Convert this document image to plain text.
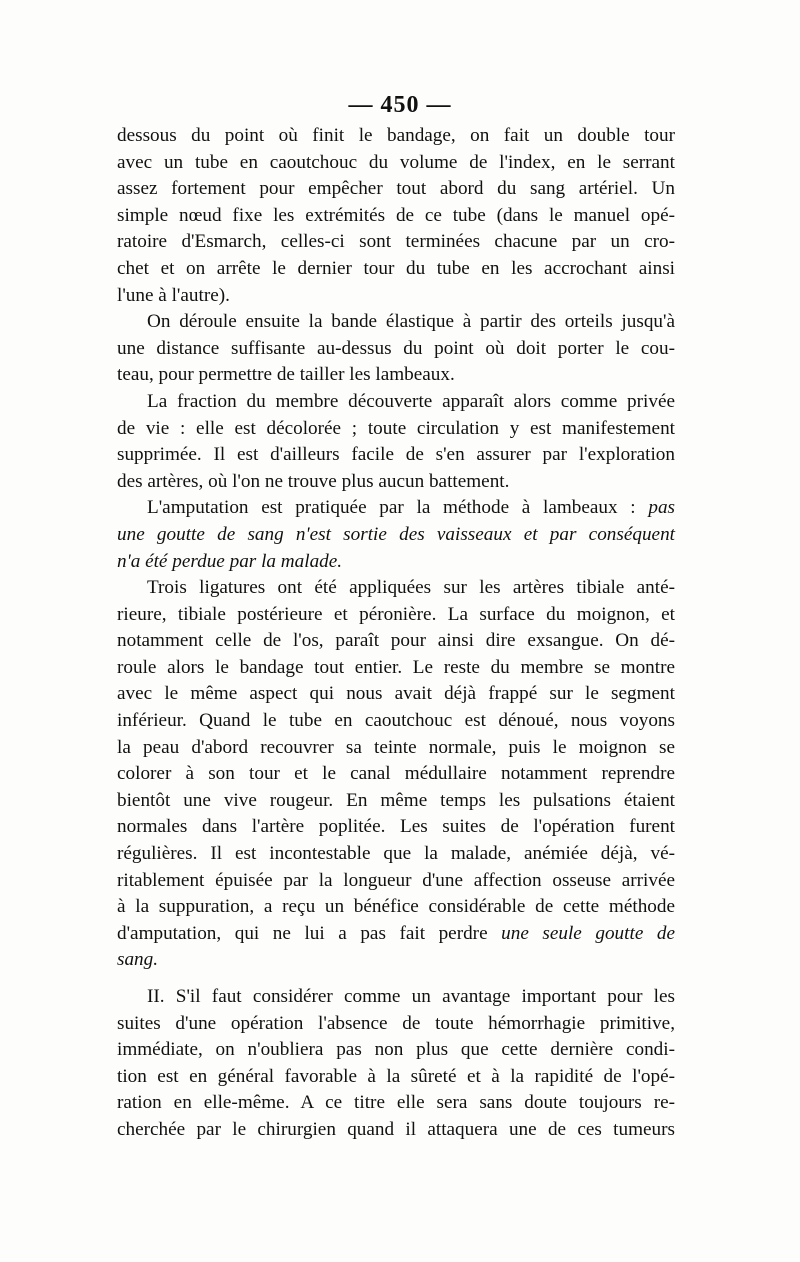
— 450 —
dessous du point où finit le bandage, on fait un double tour
avec un tube en caoutchouc du volume de l'index, en le serrant
assez fortement pour empêcher tout abord du sang artériel. Un
simple nœud fixe les extrémités de ce tube (dans le manuel opé-
ratoire d'Esmarch, celles-ci sont terminées chacune par un cro-
chet et on arrête le dernier tour du tube en les accrochant ainsi
l'une à l'autre).
On déroule ensuite la bande élastique à partir des orteils jusqu'à
une distance suffisante au-dessus du point où doit porter le cou-
teau, pour permettre de tailler les lambeaux.
La fraction du membre découverte apparaît alors comme privée
de vie : elle est décolorée ; toute circulation y est manifestement
supprimée. Il est d'ailleurs facile de s'en assurer par l'exploration
des artères, où l'on ne trouve plus aucun battement.
L'amputation est pratiquée par la méthode à lambeaux : pas
une goutte de sang n'est sortie des vaisseaux et par conséquent
n'a été perdue par la malade.
Trois ligatures ont été appliquées sur les artères tibiale anté-
rieure, tibiale postérieure et péronière. La surface du moignon, et
notamment celle de l'os, paraît pour ainsi dire exsangue. On dé-
roule alors le bandage tout entier. Le reste du membre se montre
avec le même aspect qui nous avait déjà frappé sur le segment
inférieur. Quand le tube en caoutchouc est dénoué, nous voyons
la peau d'abord recouvrer sa teinte normale, puis le moignon se
colorer à son tour et le canal médullaire notamment reprendre
bientôt une vive rougeur. En même temps les pulsations étaient
normales dans l'artère poplitée. Les suites de l'opération furent
régulières. Il est incontestable que la malade, anémiée déjà, vé-
ritablement épuisée par la longueur d'une affection osseuse arrivée
à la suppuration, a reçu un bénéfice considérable de cette méthode
d'amputation, qui ne lui a pas fait perdre une seule goutte de
sang.
II. S'il faut considérer comme un avantage important pour les
suites d'une opération l'absence de toute hémorrhagie primitive,
immédiate, on n'oubliera pas non plus que cette dernière condi-
tion est en général favorable à la sûreté et à la rapidité de l'opé-
ration en elle-même. A ce titre elle sera sans doute toujours re-
cherchée par le chirurgien quand il attaquera une de ces tumeurs
